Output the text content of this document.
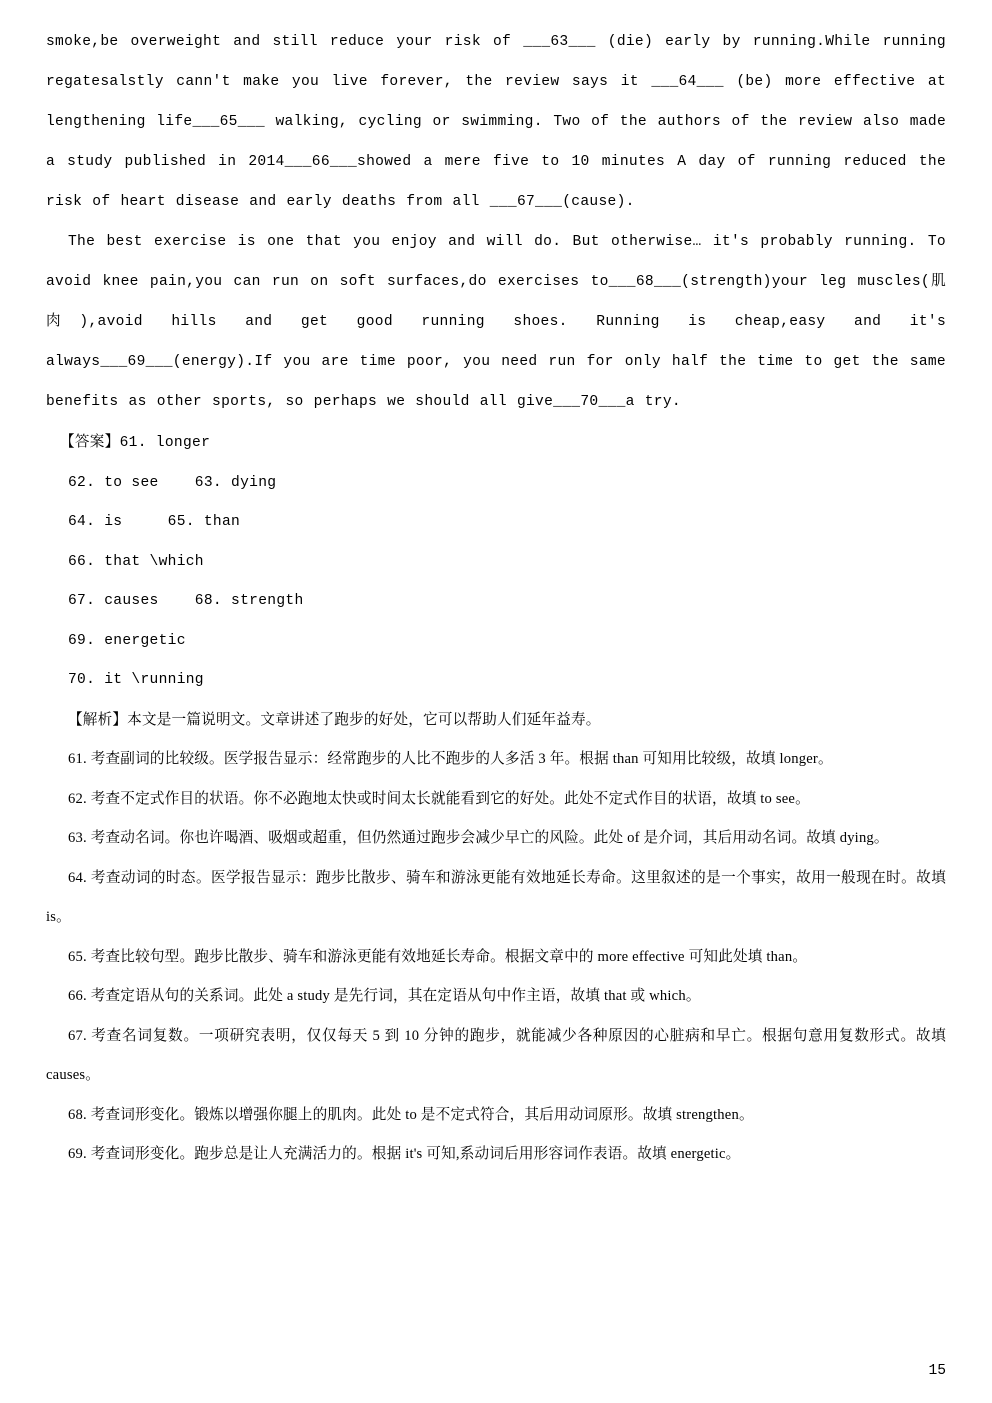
smoke,be overweight and still reduce your risk of ___63___ (die) early by running.While running regatesalstly cann't make you live forever, the review says it ___64___ (be) more effective at lengthening life___65___ walking, cycling or swimming. Two of the authors of the review also made a study published in 2014___66___showed a mere five to 10 minutes A day of running reduced the risk of heart disease and early deaths from all ___67___(cause).

The best exercise is one that you enjoy and will do. But otherwise… it's probably running. To avoid knee pain,you can run on soft surfaces,do exercises to___68___(strength)your leg muscles(肌肉),avoid hills and get good running shoes. Running is cheap,easy and it's always___69___(energy).If you are time poor, you need run for only half the time to get the same benefits as other sports, so perhaps we should all give___70___a try.

【答案】61. longer

62. to see    63. dying

64. is     65. than

66. that \which

67. causes    68. strength

69. energetic

70. it \running

【解析】本文是一篇说明文。文章讲述了跑步的好处，它可以帮助人们延年益寿。

61. 考查副词的比较级。医学报告显示：经常跑步的人比不跑步的人多活 3 年。根据 than 可知用比较级，故填 longer。

62. 考查不定式作目的状语。你不必跑地太快或时间太长就能看到它的好处。此处不定式作目的状语，故填 to see。

63. 考查动名词。你也许喝酒、吸烟或超重，但仍然通过跑步会减少早亡的风险。此处 of 是介词，其后用动名词。故填 dying。

64. 考查动词的时态。医学报告显示：跑步比散步、骑车和游泳更能有效地延长寿命。这里叙述的是一个事实，故用一般现在时。故填 is。

65. 考查比较句型。跑步比散步、骑车和游泳更能有效地延长寿命。根据文章中的 more effective 可知此处填 than。

66. 考查定语从句的关系词。此处 a study 是先行词，其在定语从句中作主语，故填 that 或 which。

67. 考查名词复数。一项研究表明，仅仅每天 5 到 10 分钟的跑步，就能减少各种原因的心脏病和早亡。根据句意用复数形式。故填 causes。

68. 考查词形变化。锻炼以增强你腿上的肌肉。此处 to 是不定式符合，其后用动词原形。故填 strengthen。

69. 考查词形变化。跑步总是让人充满活力的。根据 it's 可知,系动词后用形容词作表语。故填 energetic。

15
